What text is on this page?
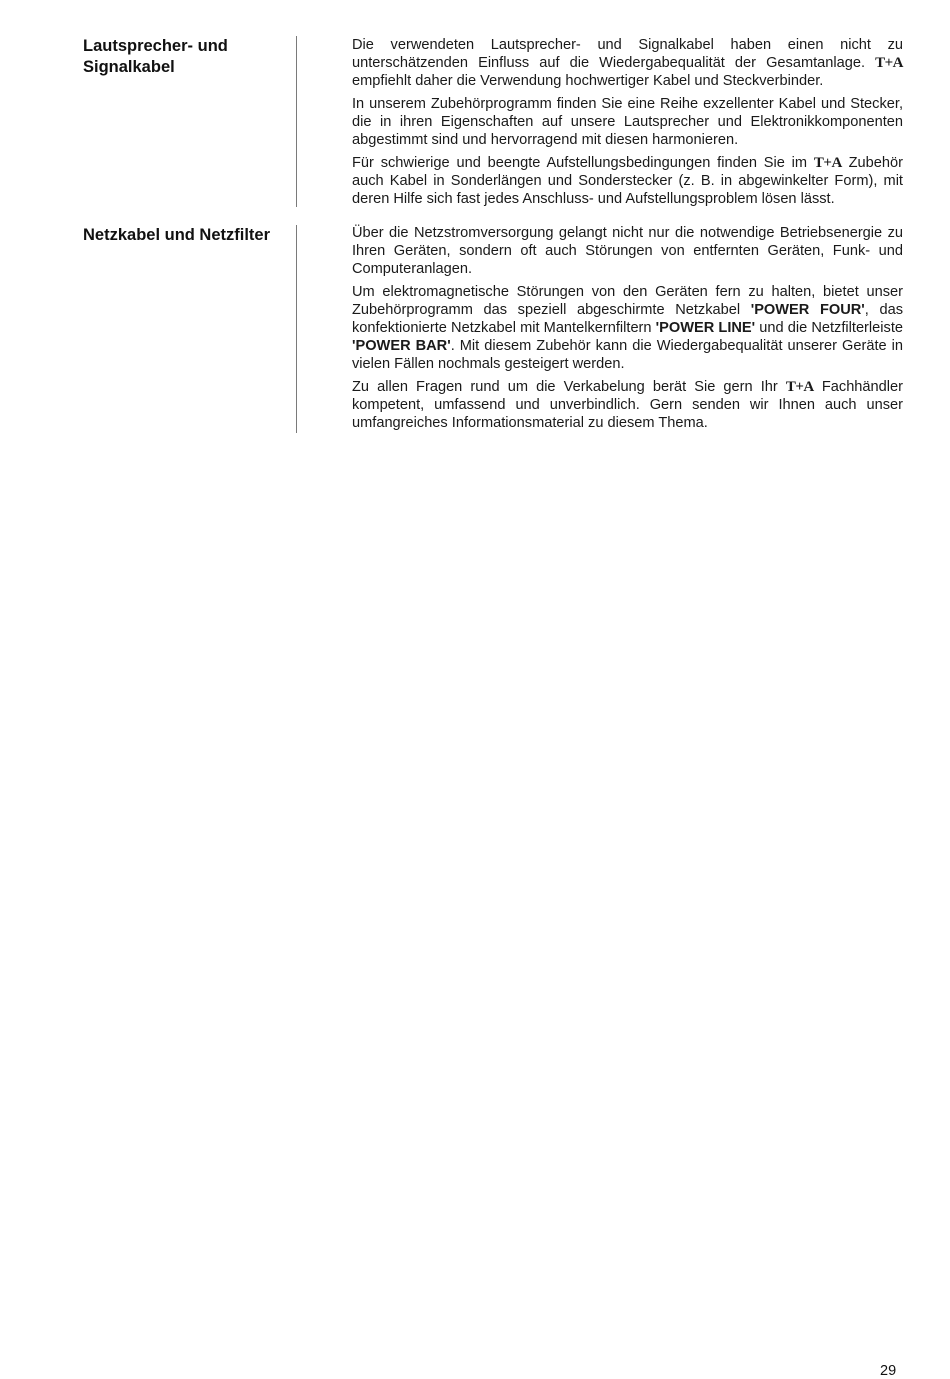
Lautsprecher- und Signalkabel

Die verwendeten Lautsprecher- und Signalkabel haben einen nicht zu unterschätzenden Einfluss auf die Wiedergabequalität der Gesamtanlage. T+A empfiehlt daher die Verwendung hochwertiger Kabel und Steckverbinder.

In unserem Zubehörprogramm finden Sie eine Reihe exzellenter Kabel und Stecker, die in ihren Eigenschaften auf unsere Lautsprecher und Elektronikkomponenten abgestimmt sind und hervorragend mit diesen harmonieren.

Für schwierige und beengte Aufstellungsbedingungen finden Sie im T+A Zubehör auch Kabel in Sonderlängen und Sonderstecker (z. B. in abgewinkelter Form), mit deren Hilfe sich fast jedes Anschluss- und Aufstellungsproblem lösen lässt.

Netzkabel und Netzfilter	Über die Netzstromversorgung gelangt nicht nur die notwendige Betriebsenergie zu Ihren Geräten, sondern oft auch Störungen von entfernten Geräten, Funk- und Computeranlagen.

Um elektromagnetische Störungen von den Geräten fern zu halten, bietet unser Zubehörprogramm das speziell abgeschirmte Netzkabel 'POWER FOUR', das konfektionierte Netzkabel mit Mantelkernfiltern 'POWER LINE' und die Netzfilterleiste 'POWER BAR'. Mit diesem Zubehör kann die Wiedergabequalität unserer Geräte in vielen Fällen nochmals gesteigert werden.

Zu allen Fragen rund um die Verkabelung berät Sie gern Ihr T+A Fachhändler kompetent, umfassend und unverbindlich. Gern senden wir Ihnen auch unser umfangreiches Informationsmaterial zu diesem Thema.

29
